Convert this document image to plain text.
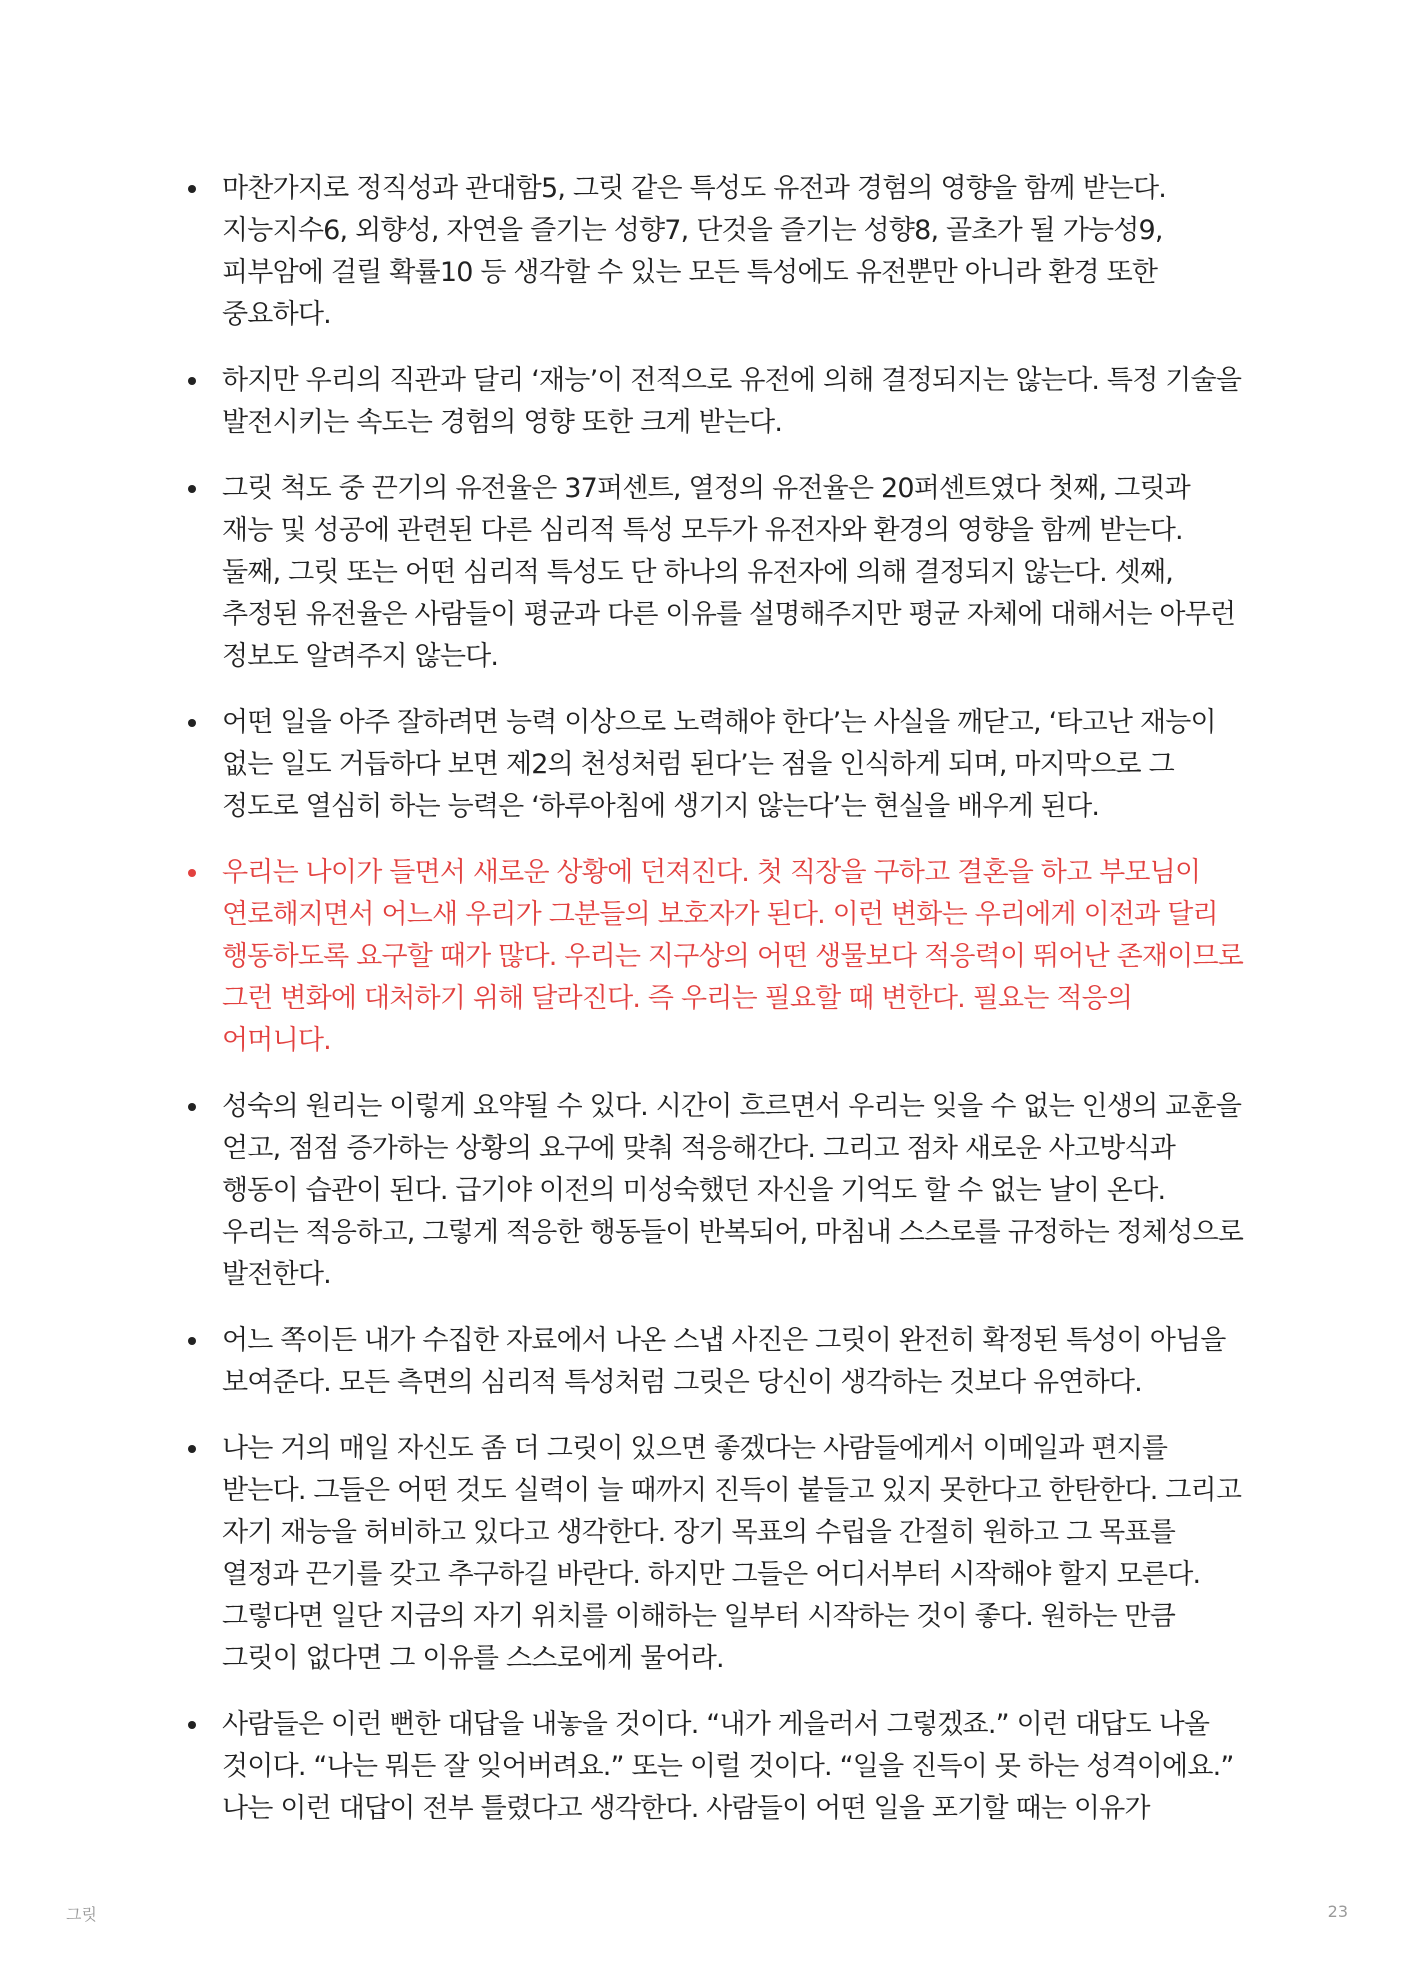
마찬가지로 정직성과 관대함5, 그릿 같은 특성도 유전과 경험의 영향을 함께 받는다. 지능지수6, 외향성, 자연을 즐기는 성향7, 단것을 즐기는 성향8, 골초가 될 가능성9, 피부암에 걸릴 확률10 등 생각할 수 있는 모든 특성에도 유전뿐만 아니라 환경 또한 중요하다.
하지만 우리의 직관과 달리 ‘재능’이 전적으로 유전에 의해 결정되지는 않는다. 특정 기술을 발전시키는 속도는 경험의 영향 또한 크게 받는다.
그릿 척도 중 끈기의 유전율은 37퍼센트, 열정의 유전율은 20퍼센트였다 첫째, 그릿과 재능 및 성공에 관련된 다른 심리적 특성 모두가 유전자와 환경의 영향을 함께 받는다. 둘째, 그릿 또는 어떤 심리적 특성도 단 하나의 유전자에 의해 결정되지 않는다. 셋째, 추정된 유전율은 사람들이 평균과 다른 이유를 설명해주지만 평균 자체에 대해서는 아무런 정보도 알려주지 않는다.
어떤 일을 아주 잘하려면 능력 이상으로 노력해야 한다’는 사실을 깨닫고, ‘타고난 재능이 없는 일도 거듭하다 보면 제2의 천성처럼 된다’는 점을 인식하게 되며, 마지막으로 그 정도로 열심히 하는 능력은 ‘하루아침에 생기지 않는다’는 현실을 배우게 된다.
우리는 나이가 들면서 새로운 상황에 던져진다. 첫 직장을 구하고 결혼을 하고 부모님이 연로해지면서 어느새 우리가 그분들의 보호자가 된다. 이런 변화는 우리에게 이전과 달리 행동하도록 요구할 때가 많다. 우리는 지구상의 어떤 생물보다 적응력이 뛰어난 존재이므로 그런 변화에 대처하기 위해 달라진다. 즉 우리는 필요할 때 변한다. 필요는 적응의 어머니다.
성숙의 원리는 이렇게 요약될 수 있다. 시간이 흐르면서 우리는 잊을 수 없는 인생의 교훈을 얻고, 점점 증가하는 상황의 요구에 맞춰 적응해간다. 그리고 점차 새로운 사고방식과 행동이 습관이 된다. 급기야 이전의 미성숙했던 자신을 기억도 할 수 없는 날이 온다. 우리는 적응하고, 그렇게 적응한 행동들이 반복되어, 마침내 스스로를 규정하는 정체성으로 발전한다.
어느 쪽이든 내가 수집한 자료에서 나온 스냅 사진은 그릿이 완전히 확정된 특성이 아님을 보여준다. 모든 측면의 심리적 특성처럼 그릿은 당신이 생각하는 것보다 유연하다.
나는 거의 매일 자신도 좀 더 그릿이 있으면 좋겠다는 사람들에게서 이메일과 편지를 받는다. 그들은 어떤 것도 실력이 늘 때까지 진득이 붙들고 있지 못한다고 한탄한다. 그리고 자기 재능을 허비하고 있다고 생각한다. 장기 목표의 수립을 간절히 원하고 그 목표를 열정과 끈기를 갖고 추구하길 바란다. 하지만 그들은 어디서부터 시작해야 할지 모른다. 그렇다면 일단 지금의 자기 위치를 이해하는 일부터 시작하는 것이 좋다. 원하는 만큼 그릿이 없다면 그 이유를 스스로에게 물어라.
사람들은 이런 뻔한 대답을 내놓을 것이다. “내가 게을러서 그렇겠죠.” 이런 대답도 나올 것이다. “나는 뭐든 잘 잊어버려요.” 또는 이럴 것이다. “일을 진득이 못 하는 성격이에요.” 나는 이런 대답이 전부 틀렸다고 생각한다. 사람들이 어떤 일을 포기할 때는 이유가
그릿	23
